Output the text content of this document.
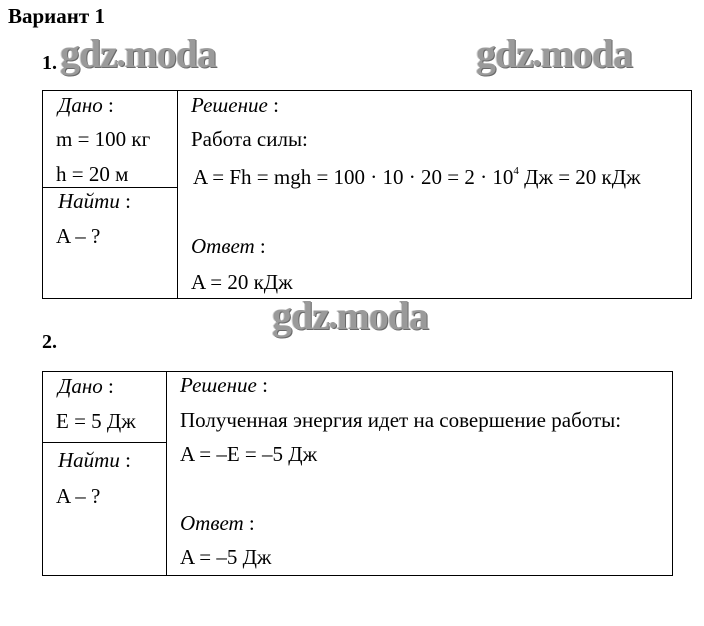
Вариант 1
gdz●moda	gdz●moda
gdz●moda
1.
Дано :
m = 100 кг
h = 20 м
Найти :
A – ?
Решение :
Работа силы:
A = Fh = mgh = $100 \cdot 10 \cdot 20 = 2 \cdot 10^4$ Дж = 20 кДж
Ответ :
A = 20 кДж
2.
Дано :
E = 5 Дж
Найти :
A – ?
Решение :
Полученная энергия идет на совершение работы:
A = –E = –5 Дж
Ответ :
A = –5 Дж
